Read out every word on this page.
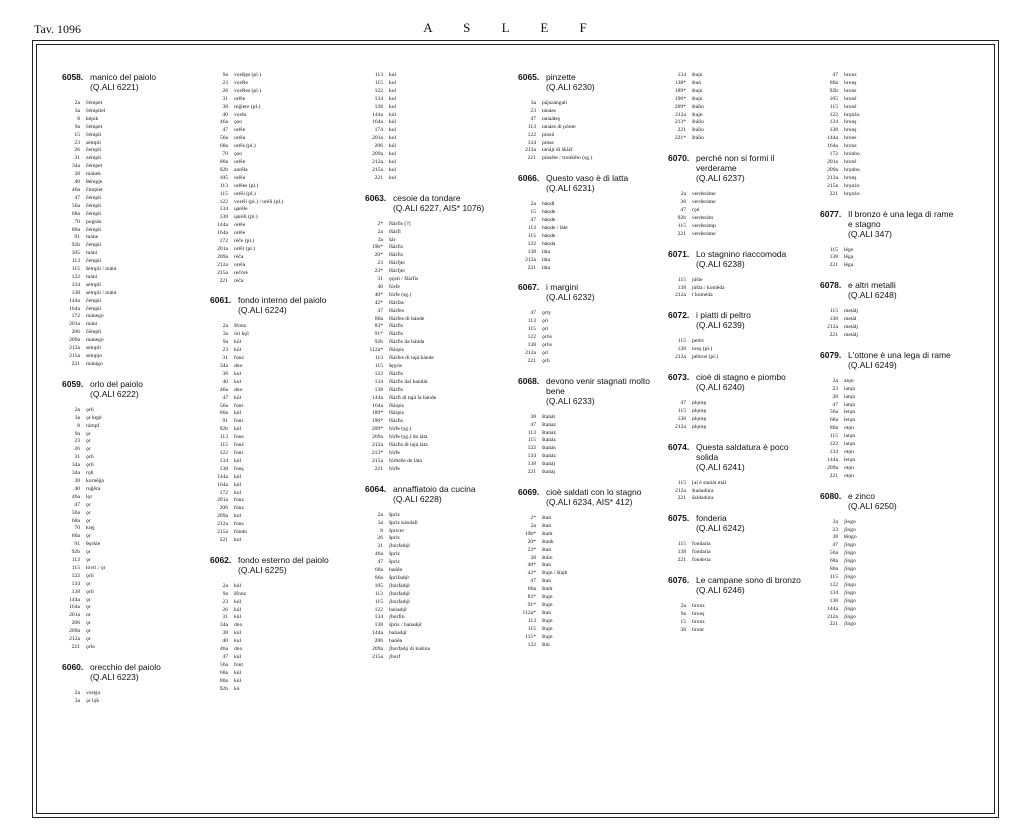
Tav. 1096	A S L E F
6058. manico del paiolo
(Q.ALI 6221)
2a	čémpet
3a	čémpliel
8	kèpik
9a	čémpet
15	čémpli
23	sémpli
26	čempli
31	zémpli
34a	čémpet
38	mánek
40	θémpje
46a	čimplet
47	čémpli
56a	čémpli
68a	čémpli
70	pográn
80a	čémpli
91	máne
92b	čémpli
105	máni
113	čémpli
115	šémpli / máni
122	máni
134	sémpli
138	sémpli / máni
144a	čémpli
164a	čémpli
172	mánego
201a	máni
206	čémpli
209a	manego
212a	sémpli
215a	sémpjo
221	mánigo
6059. orlo del paiolo
(Q.ALI 6222)
2a	ǫ́rli
3a	ǫ́r kępl
8	rámpf
9a	ǫ́r
23	ǫ́r
26	ǫ́r
31	ǫ́rli
34a	ǫ́rli
34a	rǫb
38	korněğo
40	ruğěra
46a	lǫr
47	ǫ́r
56a	ǫ́r
68a	ǫ́r
70	kręj
80a	ǫ́r
91	θǫrkle
92b	ǫ́r
113	ǫ́r
115	lóvri / ǫ́r
122	ǫ́rli
134	ǫ́r
138	ǫ́rli
144a	ǫ́r
164a	ǫ́r
201a	or
206	ǫ́r
209a	ǫ́r
212a	ǫ́r
221	ǫ́rlo
6060. orecchio del paiolo
(Q.ALI 6223)
2a	voręjo
3a	ǫ́r lǫ̈k
9a	vorějęs (pl.)
23	vorěle
26	vorěles (pl.)
31	orěle
38	reğiere (pl.)
40	vorěa
46a	ǫ́zo
47	orěle
56a	uréla
68a	oréls (pl.)
70	ǫ́zo
80a	orěle
92b	aurěla
105	orěla
113	orěles (pl.)
115	oréši (pl.)
122	voréli (pl.) / uréli (pl.)
134	ųarěle
138	ųaréli (pl.)
144a	orěle
164a	orěle
172	réče (pl.)
201a	orěli (pl.)
209a	réča
212a	oréla
215a	rečóre
221	réča
6061. fondo interno del paiolo
(Q.ALI 6224)
2a	šfonz
3a	óri kǫ̈l
9a	kúl
23	kúl
31	fonz
34a	dno
38	kul
40	kul
46a	dno
47	kúl
56a	font
80a	kúl
91	font
92b	kúl
113	fons
115	fonš
122	font
134	kúl
138	fonş
144a	kúl
164a	kúl
172	kul
201a	fonz
206	fónz
209a	kul
212a	fons
215a	fóndo
221	kul
6062. fondo esterno del paiolo
(Q.ALI 6225)
2a	kúl
9a	šfonz
23	kúl
26	kúl
31	kúl
34a	dno
38	kúl
40	kul
46a	dno
47	kúl
56a	font
68a	kúl
80a	kúl
92b	kú
113	kúl
115	kul
122	kul
134	kul
138	kul
144a	kúl
164a	kúl
174	kul
201a	kul
206	kúl
209a	kul
212a	kul
215a	kul
221	kul
6063. cesoie da tondare
(Q.ALI 6227, AIS* 1076)
2*	fšárfis [?]
2a	fšárfi
3a	šár
19b*	fšárfis
20*	fšárfis
23	fšárfjei
23*	fšárfjei
31	ǫ́ǫ́sti / fšárfis
40	fórfe
40*	fórfe (sg.)
42*	fšárfas
47	fšárfes
80a	fšárfes di bánde
83*	fšárfis
91*	fšárfis
92b	fšárfis da bánda
112a*	fšárpis
113	fšárfes di tajá bánde
115	šęǫ́ris
122	fšárfis
134	fšárfis dal bandár
138	fšárfis
144a	fšárfi di tajá la bánde
164a	fšárpis
189*	fšárpis
196*	fšárfis
209*	fórfe (sg.)
209a	fórfe (sg.) da láta
212a	fšárfis di tajá láta
213*	fórfe
215a	fórbeže de láta
221	fórfe
6064. annaffiatoio da cucina
(Q.ALI 6228)
2a	špriz
3a	špriz kándali
8	šprícer
26	špriz
31	ʃborfadǫ̈r
46a	špriz
47	špriz
68a	bańěn
80a	šprifadǫ̈r
105	ʃborfadǫ̈r
113	ʃborfadǫ̈r
115	ʃborfadǫ̈r
122	bańadǫ̈r
134	ʃborfín
138	šprís / bańadǫ̈r
144a	bańadǫ̈r
206	bańěn
209a	ʃborfadǫ̈ di kušína
215a	ʃborf
6065. pinzette
(Q.ALI 6230)
3a	pájszángali
23	tanáes
47	tanaáteş
113	tanáes di pónte
122	pinsíi
134	pinse
212a	tanájt di šklář
221	pinsěte / tronkěto (sg.)
6066. Questo vaso è di latta
(Q.ALI 6231)
2a	bándl
15	bánde
47	bánde
113	bánde / láte
115	bánde
122	bánda
138	láta
212a	láta
221	láta
6067. i margini
(Q.ALI 6232)
47	ǫ́rty
113	ǫ́ri
115	ǫ́ri
122	ǫ́rlis
138	ǫ́rlis
212a	ǫ́ri
221	ǫ́rli
6068. devono venir stagnati molto bene
(Q.ALI 6233)
38	štańát
47	štańaz
113	štańaz
115	štańáz
122	štańás
134	štańáz
138	štańáj
221	štańáj
6069. cioè saldati con lo stagno
(Q.ALI 6234, AIS* 412)
2*	štań
2a	štań
19b*	štańt
20*	štańk
23*	štań
38	štáin
40*	štań
42*	štajn / štajh
47	štań
80a	štańt
83*	štajn
91*	štajn
112a*	štań
113	štajn
115	štajn
115*	štajn
122	štái
134	štajn
138*	štań
189*	štajn
196*	štajn
209*	štáño
212a	štajn
213*	štáño
221	štáño
221*	štáño
6070. perché non si formi il verderame
(Q.ALI 6237)
2a	verderáme
38	verderáme
47	rǫń
92b	verderám
115	verderámp
221	verderáme
6071. Lo stagnino riaccomoda
(Q.ALI 6238)
115	júšte
138	júšta / koměda
212a	l koméda
6072. i piatti di peltro
(Q.ALI 6239)
115	peltri
138	tonş (pl.)
212a	péltros (pl.)
6073. cioè di stagno e piombo
(Q.ALI 6240)
47	plǫmp
115	plǫmp
138	plǫmp
212a	plǫmp
6074. Questa saldatura è poco solida
(Q.ALI 6241)
115	[al é stańát mál
212a	štańadúra
221	šaldadúra
6075. fonderia
(Q.ALI 6242)
115	fondaria
138	fondaria
221	fondería
6076. Le campane sono di bronzo
(Q.ALI 6246)
2a	bronz
9a	bronş
15	bronz
38	bront
47	bronz
80a	bronş
92b	brons
105	bronš
115	bronš
122	brǫnźu
134	bronş
138	bronş
144a	brons
164a	bronz
172	brónbo
201a	bronš
209a	brǫnbo
212a	bronş
215a	brǫnźo
221	brǫnźo
6077. Il bronzo è una lega di rame e stagno
(Q.ALI 347)
115	lége
138	lěga
221	léga
6078. e altri metalli
(Q.ALI 6248)
115	metálj
138	metál
212a	metálj
221	metálj
6079. L'ottone è una lega di rame
(Q.ALI 6249)
2a	atǫn
23	latǫn
38	latǫn
47	latǫn
56a	letǫn
68a	letǫn
80a	otǫn
115	latǫn
122	latǫn
134	otǫn
144a	letǫn
209a	otǫn
221	otǫn
6080. e zinco
(Q.ALI 6250)
2a	ʃingo
23	ʃingo
38	θingo
47	ʃingo
56a	ʃingo
68a	ʃingo
80a	ʃingo
115	ʃingo
122	ʃingu
134	ʃingo
138	ʃingo
144a	ʃingo
212a	ʃingo
221	ʃingo
